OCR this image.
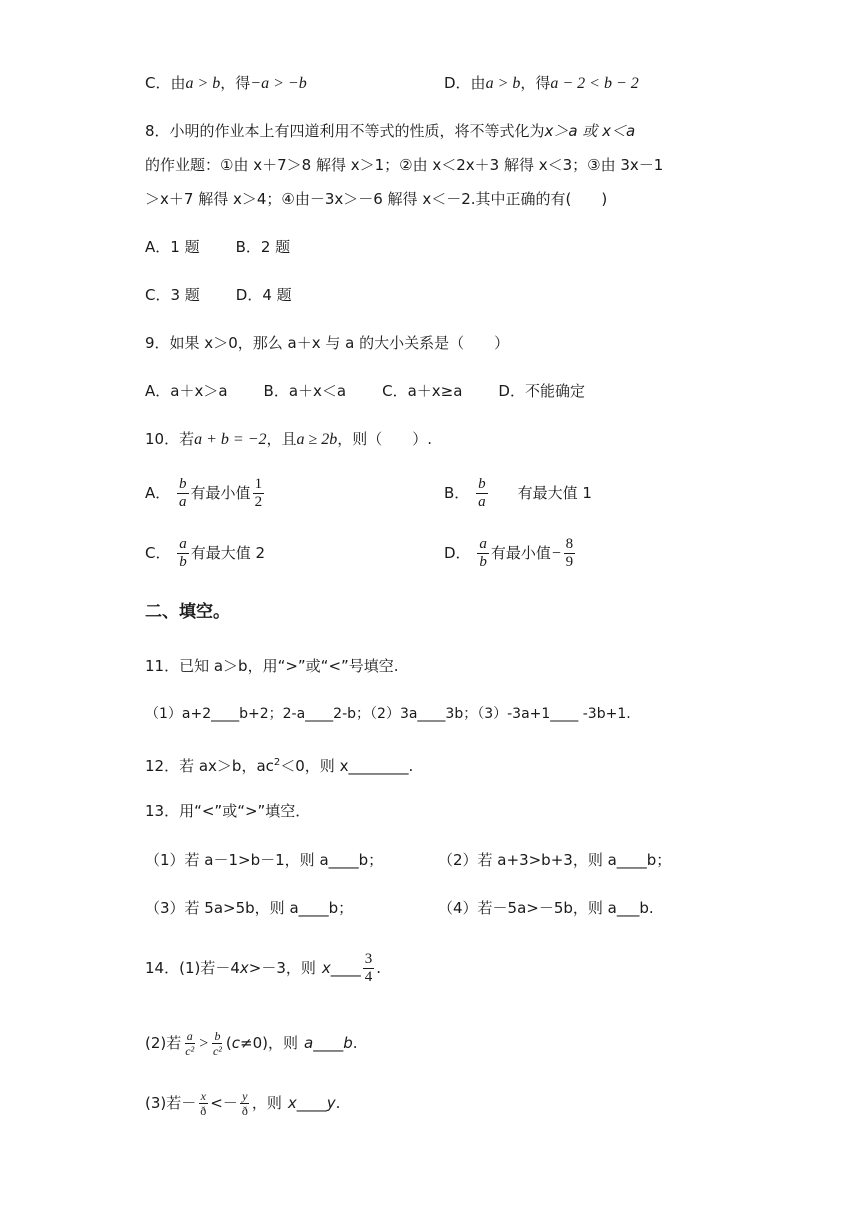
C．由a > b，得−a > −b	D．由a > b，得a − 2 < b − 2
8．小明的作业本上有四道利用不等式的性质，将不等式化为x＞a 或 x＜a
的作业题：①由 x＋7＞8 解得 x＞1；②由 x＜2x＋3 解得 x＜3；③由 3x－1
＞x＋7 解得 x＞4；④由－3x＞－6 解得 x＜－2.其中正确的有(　　)
A．1 题 B．2 题
C．3 题 D．4 题
9．如果 x＞0，那么 a＋x 与 a 的大小关系是（　　）
A．a＋x＞a B．a＋x＜a C．a＋x≥a D．不能确定
10．若a + b = −2，且a ≥ 2b，则（　　）.
A． $\frac{b}{a}$ 有最小值 $\frac{1}{2}$	B． $\frac{b}{a}$ 有最大值 1
C． $\frac{a}{b}$ 有最大值 2	D． $\frac{a}{b}$ 有最小值− $\frac{8}{9}$
二、填空。
11．已知 a＞b，用“>”或“<”号填空.
（1）a+2____b+2；2-a____2-b；（2）3a____3b；（3）-3a+1____ -3b+1.
12．若 ax＞b，$ac^2<0$，则 x________.
13．用“<”或“>”填空．
（1）若 a－1>b－1，则 a____b；	（2）若 a+3>b+3，则 a____b；
（3）若 5a>5b，则 a____b；	（4）若－5a>－5b，则 a___b.
14．(1)若－4x>－3，则 x____ $\frac{3}{4}$ .
(2)若 $\frac{a}{\text{c²}} > \frac{b}{\text{c²}} (c\ne 0)$，则 a____b.
(3)若－ $\frac{x}{ð} <- \frac{y}{ð}$ ，则 x____y.
